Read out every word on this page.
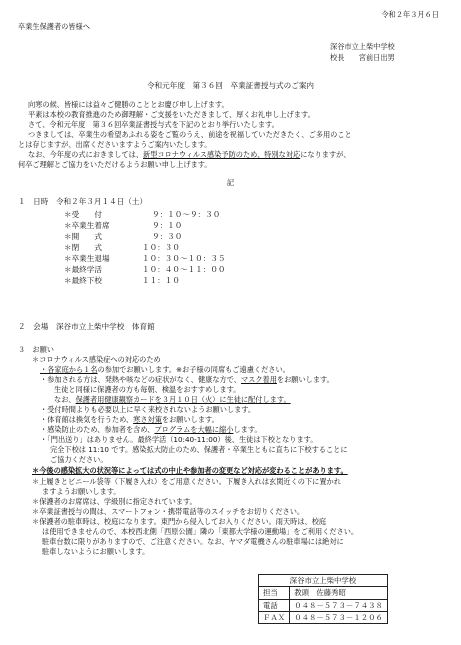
令和２年３月６日
卒業生保護者の皆様へ
深谷市立上柴中学校
校長　　宮前日出男
令和元年度　第３６回　卒業証書授与式のご案内
向寒の候、皆様には益々ご健勝のこととお慶び申し上げます。
平素は本校の教育推進のため御理解・ご支援をいただきまして、厚くお礼申し上げます。
さて、令和元年度　第３６回卒業証書授与式を下記のとおり挙行いたします。
つきましては、卒業生の希望あふれる姿をご覧のうえ、前途を祝福していただきたく、ご多用のこと
とは存じますが、出席くださいますようご案内いたします。
なお、今年度の式におきましては、新型コロナウィルス感染予防のため、特別な対応になりますが、
何卒ご理解とご協力をいただけるようお願い申し上げます。
記
１　日時　令和２年３月１４日（土）
＊受　　付	９：１０～９：３０
＊卒業生着席	９：１０
＊開　　式	９：３０
＊閉　　式	１０：３０
＊卒業生退場	１０：３０～１０：３５
＊最終学活	１０：４０～１１：００
＊最終下校	１１：１０
２　会場　深谷市立上柴中学校　体育館
３　お願い
＊コロナウィルス感染症への対応のため
・各家庭から１名の参加でお願いします。※お子様の同席もご遠慮ください。
・参加される方は、発熱や咳などの症状がなく、健康な方で、マスク着用をお願いします。
生徒と同様に保護者の方も毎朝、検温をおすすめします。
なお、保護者用健康観察カードを３月１０日（火）に生徒に配付します。
・受付時間よりも必要以上に早く来校されないようお願いします。
・体育館は換気を行うため、寒さ対策をお願いします。
・感染防止のため、参加者を含め、プログラムを大幅に縮小します。
・「門出送り」はありません。最終学活（10:40-11:00）後、生徒は下校となります。
完全下校は 11:10 です。感染拡大防止のため、保護者・卒業生ともに直ちに下校することに
ご協力ください。
＊今後の感染拡大の状況等によっては式の中止や参加者の変更など対応が変わることがあります。
＊上履きとビニール袋等（下履き入れ）をご用意ください。下履き入れは玄関近くの下に置かれ
ますようお願いします。
＊保護者のお席席は、学級別に指定されています。
＊卒業証書授与の間は、スマートフォン・携帯電話等のスイッチをお切りください。
＊保護者の駐車時は、校庭になります。東門から侵入してお入りください。雨天時は、校庭
は使用できませんので、本校西北側「西原公園」隣の「東都大学様の運動場」をご利用ください。
駐車台数に限りがありますので、ご注意ください。なお、ヤマダ電機さんの駐車場には絶対に
駐車しないようにお願いします。
深谷市立上柴中学校	
担当	教頭　佐藤秀昭
電話	０４８－５７３－７４３８
ＦＡＸ	０４８－５７３－１２０６
